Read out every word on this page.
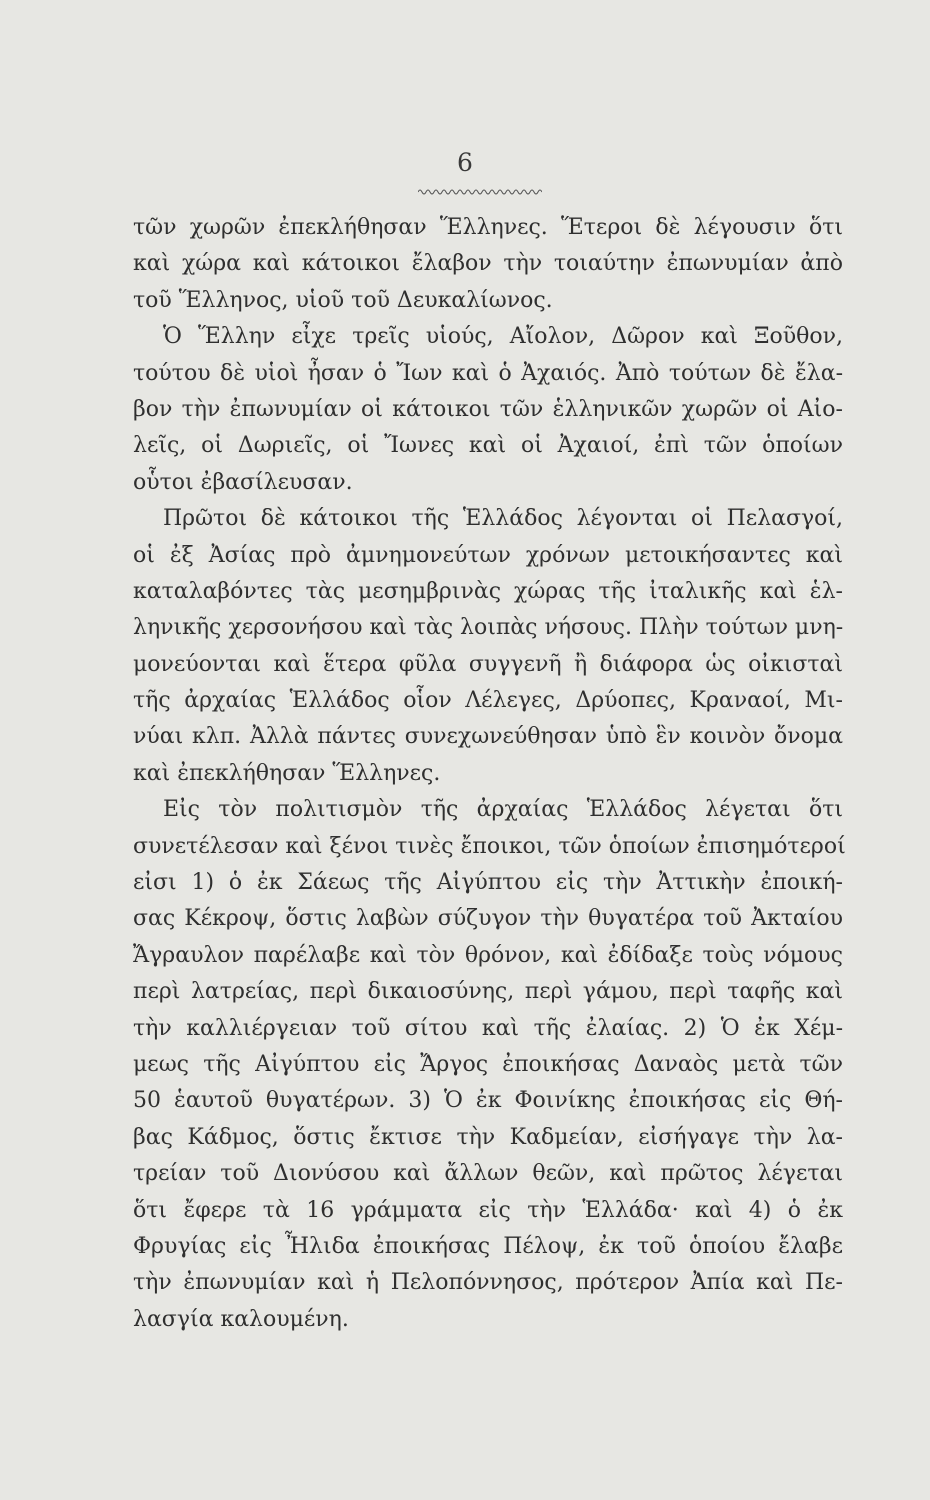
6
τῶν χωρῶν ἐπεκλήθησαν Ἕλληνες. Ἕτεροι δὲ λέγουσιν ὅτι
καὶ χώρα καὶ κάτοικοι ἔλαβον τὴν τοιαύτην ἐπωνυμίαν ἀπὸ
τοῦ Ἕλληνος, υἱοῦ τοῦ Δευκαλίωνος.
Ὁ Ἕλλην εἶχε τρεῖς υἱούς, Αἴολον, Δῶρον καὶ Ξοῦθον,
τούτου δὲ υἱοὶ ἦσαν ὁ Ἴων καὶ ὁ Ἀχαιός. Ἀπὸ τούτων δὲ ἔλα-
βον τὴν ἐπωνυμίαν οἱ κάτοικοι τῶν ἑλληνικῶν χωρῶν οἱ Αἰο-
λεῖς, οἱ Δωριεῖς, οἱ Ἴωνες καὶ οἱ Ἀχαιοί, ἐπὶ τῶν ὁποίων
οὗτοι ἐβασίλευσαν.
Πρῶτοι δὲ κάτοικοι τῆς Ἑλλάδος λέγονται οἱ Πελασγοί,
οἱ ἐξ Ἀσίας πρὸ ἀμνημονεύτων χρόνων μετοικήσαντες καὶ
καταλαβόντες τὰς μεσημβρινὰς χώρας τῆς ἰταλικῆς καὶ ἑλ-
ληνικῆς χερσονήσου καὶ τὰς λοιπὰς νήσους. Πλὴν τούτων μνη-
μονεύονται καὶ ἕτερα φῦλα συγγενῆ ἢ διάφορα ὡς οἰκισταὶ
τῆς ἀρχαίας Ἑλλάδος οἷον Λέλεγες, Δρύοπες, Κραναοί, Μι-
νύαι κλπ. Ἀλλὰ πάντες συνεχωνεύθησαν ὑπὸ ἓν κοινὸν ὄνομα
καὶ ἐπεκλήθησαν Ἕλληνες.
Εἰς τὸν πολιτισμὸν τῆς ἀρχαίας Ἑλλάδος λέγεται ὅτι
συνετέλεσαν καὶ ξένοι τινὲς ἔποικοι, τῶν ὁποίων ἐπισημότεροί
εἰσι 1) ὁ ἐκ Σάεως τῆς Αἰγύπτου εἰς τὴν Ἀττικὴν ἐποική-
σας Κέκροψ, ὅστις λαβὼν σύζυγον τὴν θυγατέρα τοῦ Ἀκταίου
Ἄγραυλον παρέλαβε καὶ τὸν θρόνον, καὶ ἐδίδαξε τοὺς νόμους
περὶ λατρείας, περὶ δικαιοσύνης, περὶ γάμου, περὶ ταφῆς καὶ
τὴν καλλιέργειαν τοῦ σίτου καὶ τῆς ἐλαίας. 2) Ὁ ἐκ Χέμ-
μεως τῆς Αἰγύπτου εἰς Ἄργος ἐποικήσας Δαναὸς μετὰ τῶν
50 ἑαυτοῦ θυγατέρων. 3) Ὁ ἐκ Φοινίκης ἐποικήσας εἰς Θή-
βας Κάδμος, ὅστις ἔκτισε τὴν Καδμείαν, εἰσήγαγε τὴν λα-
τρείαν τοῦ Διονύσου καὶ ἄλλων θεῶν, καὶ πρῶτος λέγεται
ὅτι ἔφερε τὰ 16 γράμματα εἰς τὴν Ἑλλάδα· καὶ 4) ὁ ἐκ
Φρυγίας εἰς Ἦλιδα ἐποικήσας Πέλοψ, ἐκ τοῦ ὁποίου ἔλαβε
τὴν ἐπωνυμίαν καὶ ἡ Πελοπόννησος, πρότερον Ἀπία καὶ Πε-
λασγία καλουμένη.
